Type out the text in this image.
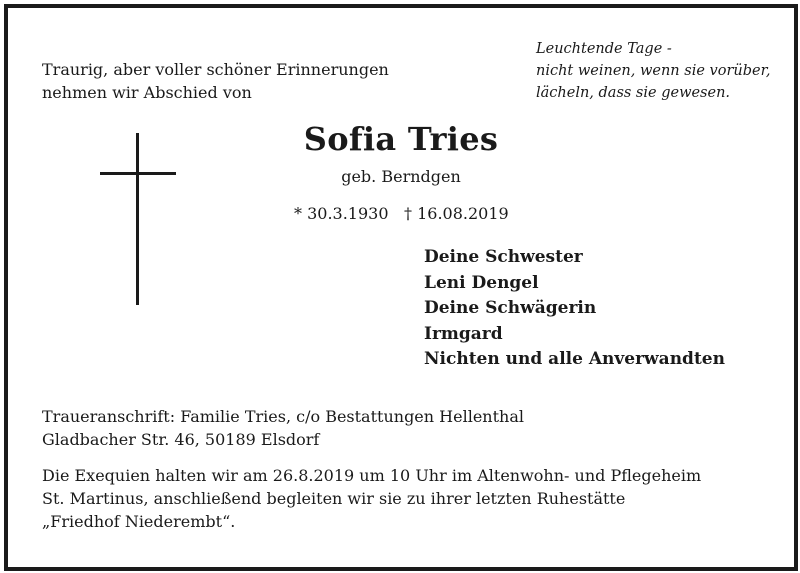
Traurig, aber voller schöner Erinnerungen
nehmen wir Abschied von
Leuchtende Tage -
nicht weinen, wenn sie vorüber,
lächeln, dass sie gewesen.
Sofia Tries
geb. Berndgen
* 30.3.1930 † 16.08.2019
Deine Schwester
Leni Dengel
Deine Schwägerin
Irmgard
Nichten und alle Anverwandten
Traueranschrift: Familie Tries, c/o Bestattungen Hellenthal
Gladbacher Str. 46, 50189 Elsdorf
Die Exequien halten wir am 26.8.2019 um 10 Uhr im Altenwohn- und Pflegeheim
St. Martinus, anschließend begleiten wir sie zu ihrer letzten Ruhestätte
„Friedhof Niederembt“.
